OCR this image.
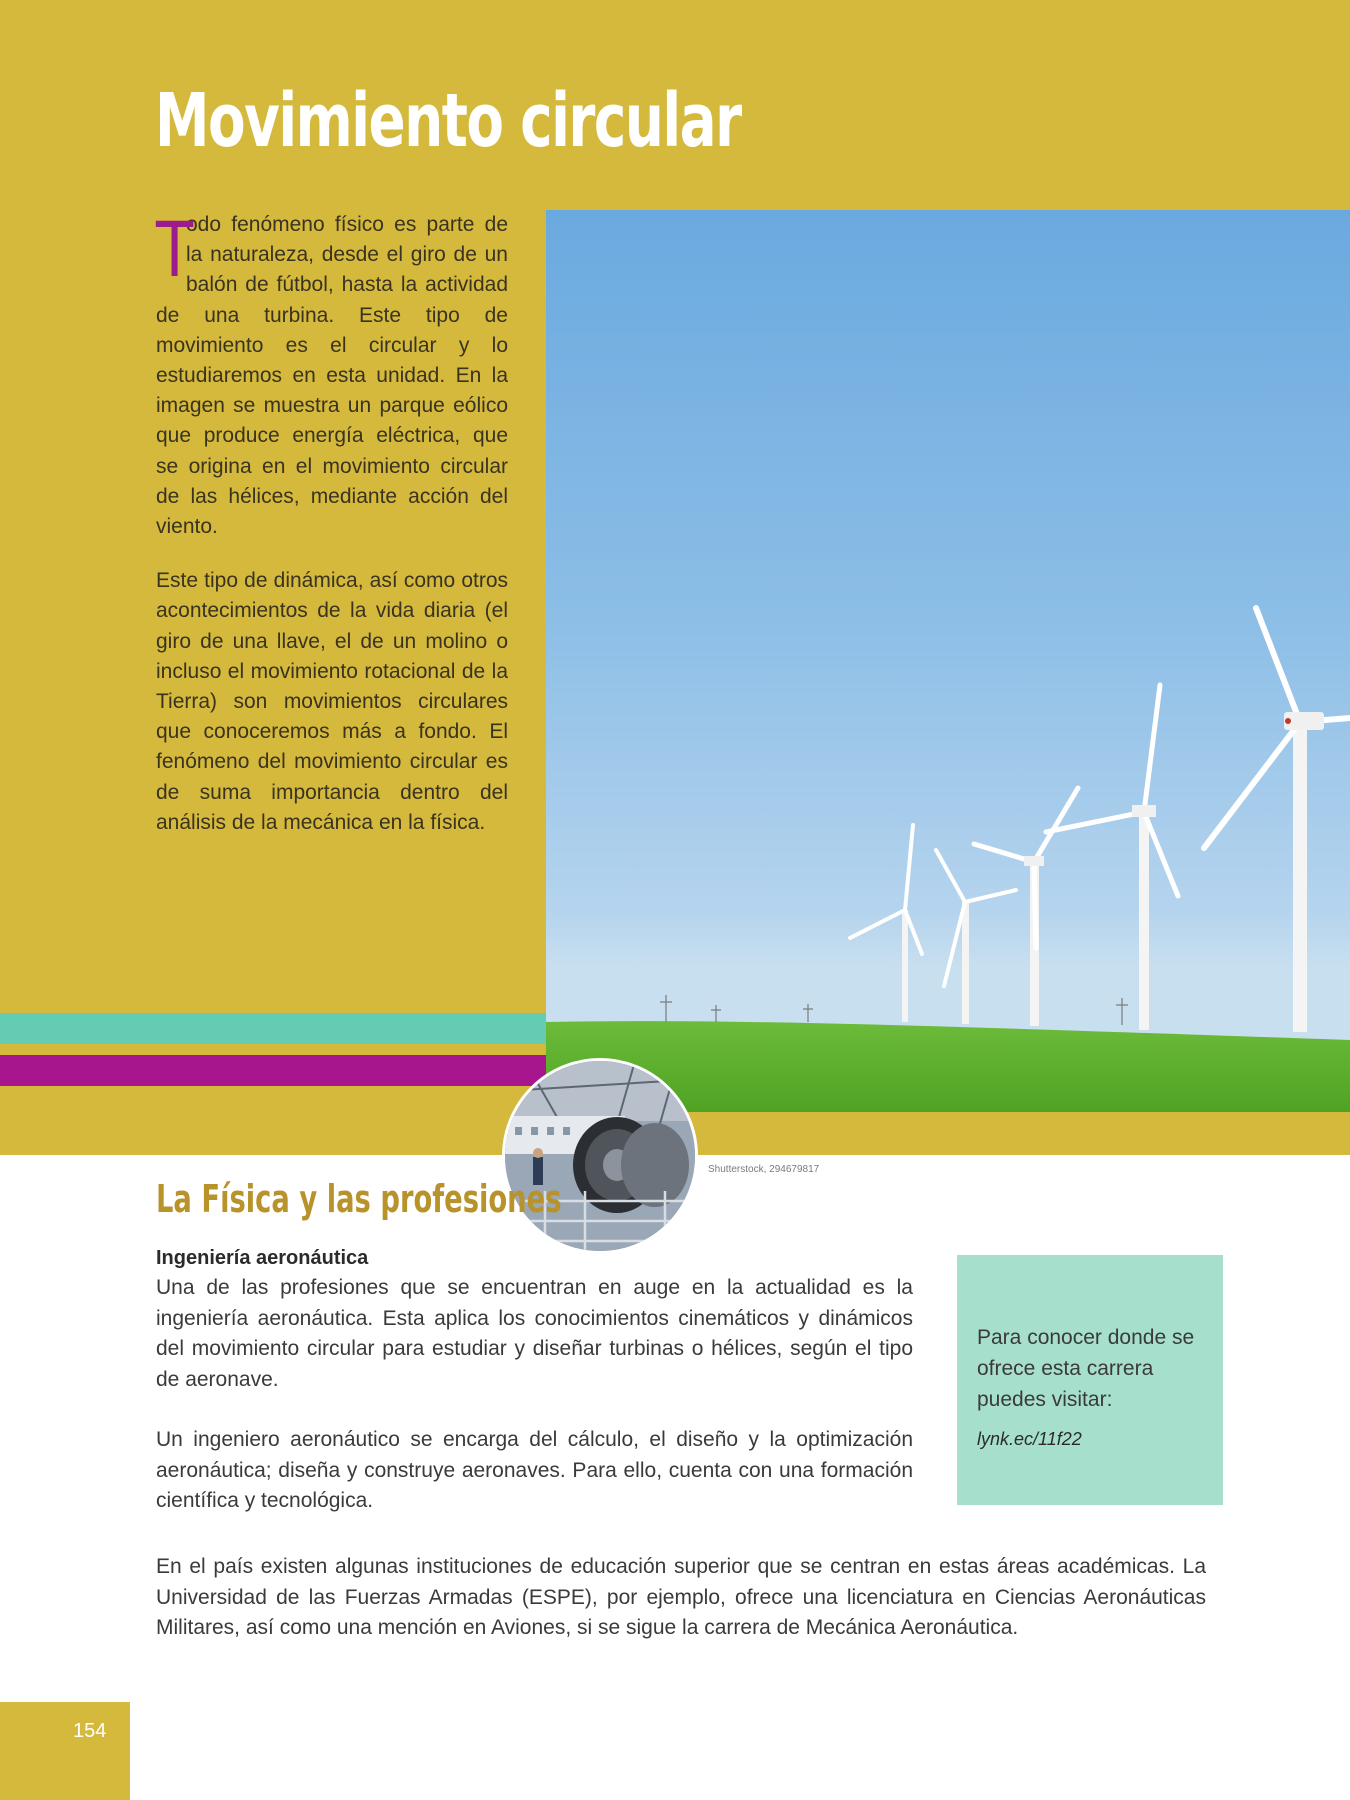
Movimiento circular

T
odo fenómeno físico es parte de la naturaleza, desde el giro de un balón de fútbol, hasta la actividad de una turbina. Este tipo de movimiento es el circular y lo estudiaremos en esta unidad. En la imagen se muestra un parque eólico que produce energía eléctrica, que se origina en el movimiento circular de las hélices, mediante acción del viento.

Este tipo de dinámica, así como otros acontecimientos de la vida diaria (el giro de una llave, el de un molino o incluso el movimiento rotacional de la Tierra) son movimientos circulares que conoceremos más a fondo. El fenómeno del movimiento circular es de suma importancia dentro del análisis de la mecánica en la física.

Shutterstock, 294679817
La Física y las profesiones
Ingeniería aeronáutica

Una de las profesiones que se encuentran en auge en la actualidad es la ingeniería aeronáutica. Esta aplica los conocimientos cinemáticos y dinámicos del movimiento circular para estudiar y diseñar turbinas o hélices, según el tipo de aeronave.

Un ingeniero aeronáutico se encarga del cálculo, el diseño y la optimización aeronáutica; diseña y construye aeronaves. Para ello, cuenta con una formación científica y tecnológica.

En el país existen algunas instituciones de educación superior que se centran en estas áreas académicas. La Universidad de las Fuerzas Armadas (ESPE), por ejemplo, ofrece una licenciatura en Ciencias Aeronáuticas Militares, así como una mención en Aviones, si se sigue la carrera de Mecánica Aeronáutica.
Para conocer donde se ofrece esta carrera puedes visitar:
lynk.ec/11f22
154
